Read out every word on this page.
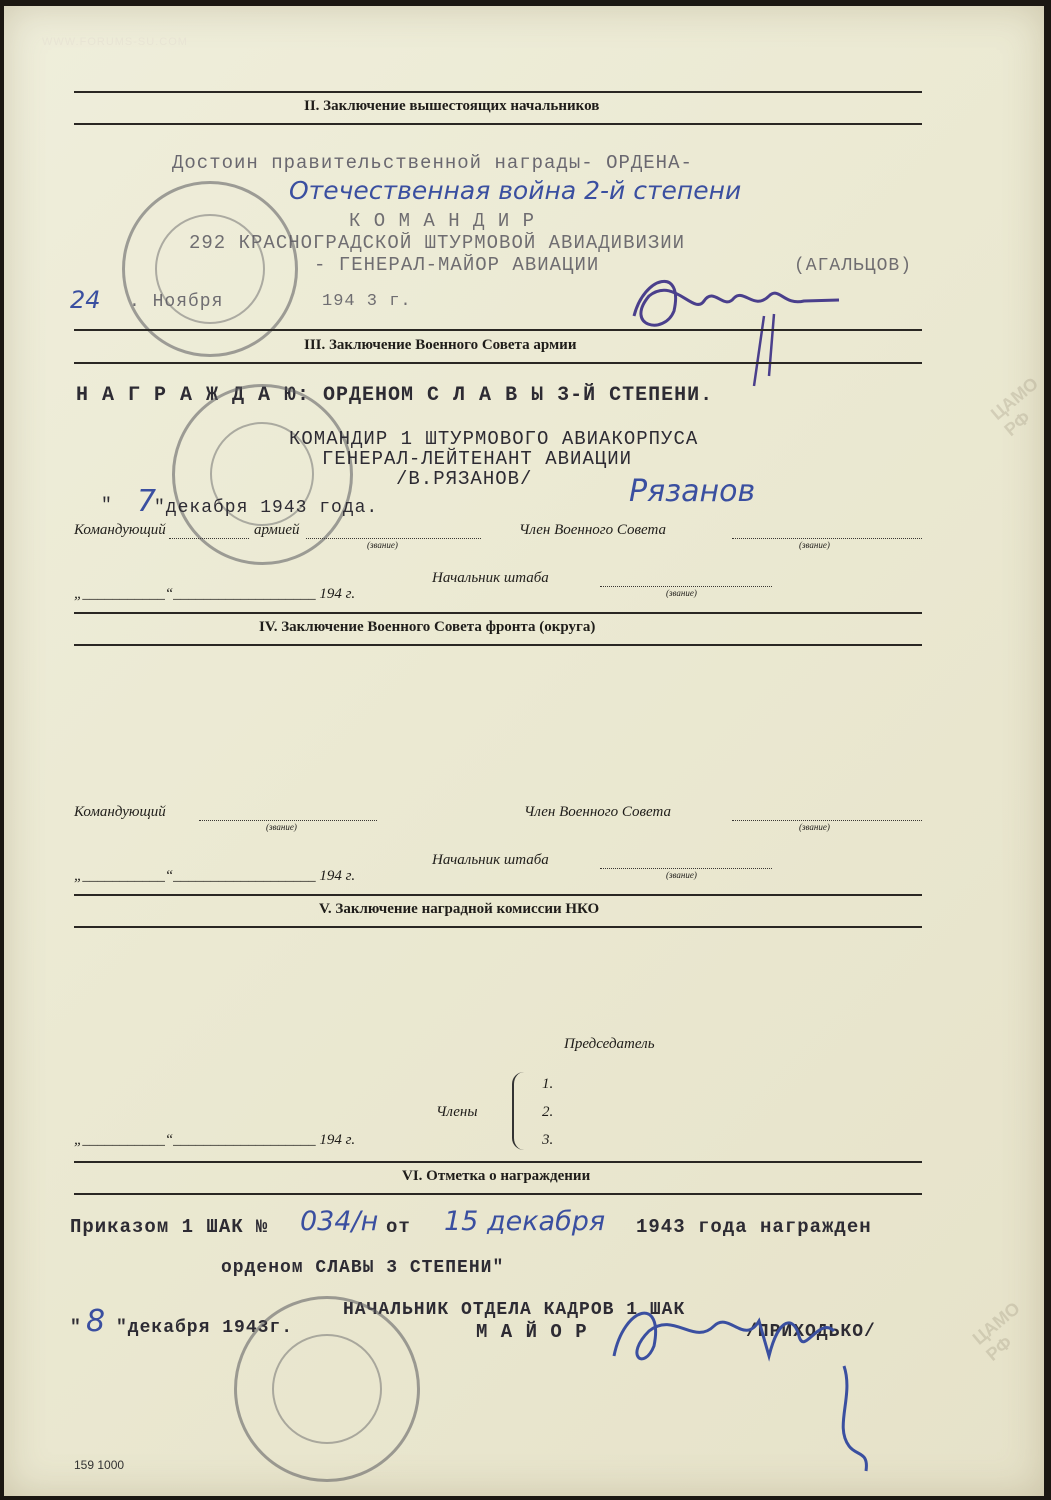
WWW.FORUMS-SU.COM
ЦАМО РФ
ЦАМО РФ
II. Заключение вышестоящих начальников
Достоин правительственной награды- ОРДЕНА-
Отечественная война 2-й степени
К О М А Н Д И Р
292 КРАСНОГРАДСКОЙ ШТУРМОВОЙ АВИАДИВИЗИИ
- ГЕНЕРАЛ-МАЙОР АВИАЦИИ	(АГАЛЬЦОВ)
24 . Ноября	194 3 г.
III. Заключение Военного Совета армии
Н А Г Р А Ж Д А Ю: ОРДЕНОМ С Л А В Ы 3-Й СТЕПЕНИ.
КОМАНДИР 1 ШТУРМОВОГО АВИАКОРПУСА
ГЕНЕРАЛ-ЛЕЙТЕНАНТ АВИАЦИИ
/В.РЯЗАНОВ/
" 7
"декабря 1943 года.	Рязанов
Командующий	армией
(звание)
Член Военного Совета
(звание)
Начальник штаба
(звание)
„___________“___________________ 194 г.
IV. Заключение Военного Совета фронта (округа)
Командующий
(звание)
Член Военного Совета
(звание)
Начальник штаба
(звание)
„___________“___________________ 194 г.
V. Заключение наградной комиссии НКО
Председатель
Члены
1.
2.
3.
„___________“___________________ 194 г.
VI. Отметка о награждении
Приказом 1 ШАК № 034/н от 15 декабря 1943 года награжден
орденом СЛАВЫ 3 СТЕПЕНИ"
НАЧАЛЬНИК ОТДЕЛА КАДРОВ 1 ШАК
" 8 "декабря 1943г.	М А Й О Р	/ПРИХОДЬКО/
159 1000
